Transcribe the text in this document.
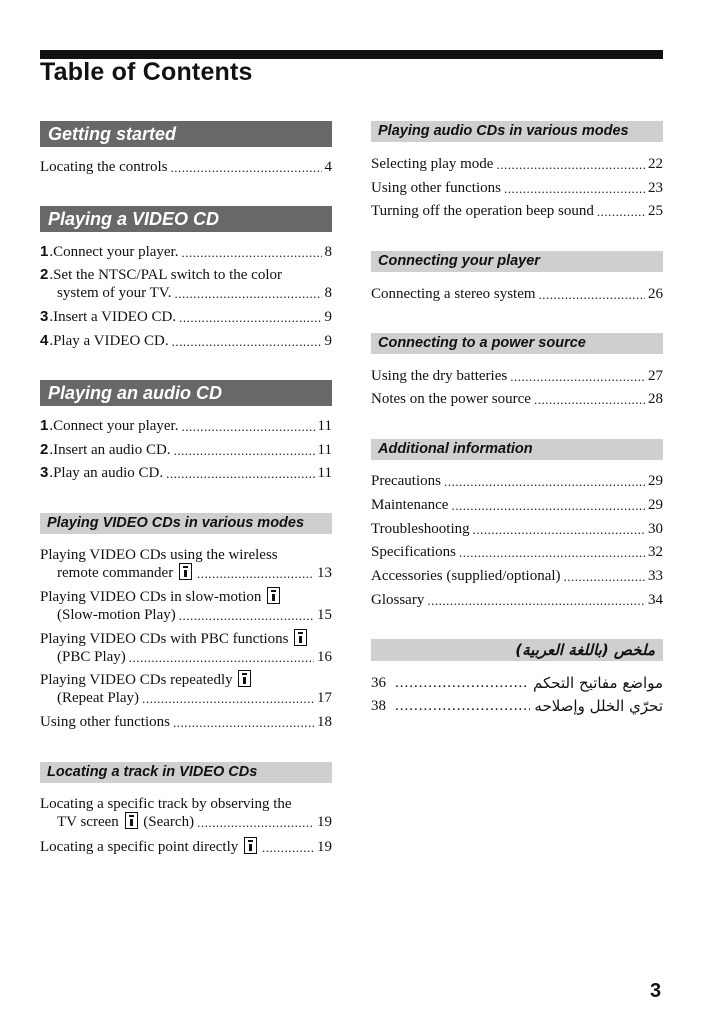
Table of Contents
Getting started
Locating the controls .....	4
Playing a VIDEO CD
1.Connect your player. .....	8
2.Set the NTSC/PAL switch to the color
system of your TV. .....	8
3.Insert a VIDEO CD. .....	9
4.Play a VIDEO CD. .....	9
Playing an audio CD
1.Connect your player. .....	11
2.Insert an audio CD. .....	11
3.Play an audio CD. .....	11
Playing VIDEO CDs in various modes
Playing VIDEO CDs using the wireless
remote commander .....	13
Playing VIDEO CDs in slow-motion
(Slow-motion Play) .....	15
Playing VIDEO CDs with PBC functions
(PBC Play) .....	16
Playing VIDEO CDs repeatedly
(Repeat Play) .....	17
Using other functions .....	18
Locating a track in VIDEO CDs
Locating a specific track by observing the
TV screen (Search) .....	19
Locating a specific point directly .....	19
Playing audio CDs in various modes
Selecting play mode .....	22
Using other functions .....	23
Turning off the operation beep sound .....	25
Connecting your player
Connecting a stereo system .....	26
Connecting to a power source
Using the dry batteries .....	27
Notes on the power source .....	28
Additional information
Precautions .....	29
Maintenance .....	29
Troubleshooting .....	30
Specifications .....	32
Accessories (supplied/optional) .....	33
Glossary .....	34
ملخص (باللغة العربية)
36 .....	مواضع مفاتيح التحكم
38 .....	تحرّي الخلل وإصلاحه
3
